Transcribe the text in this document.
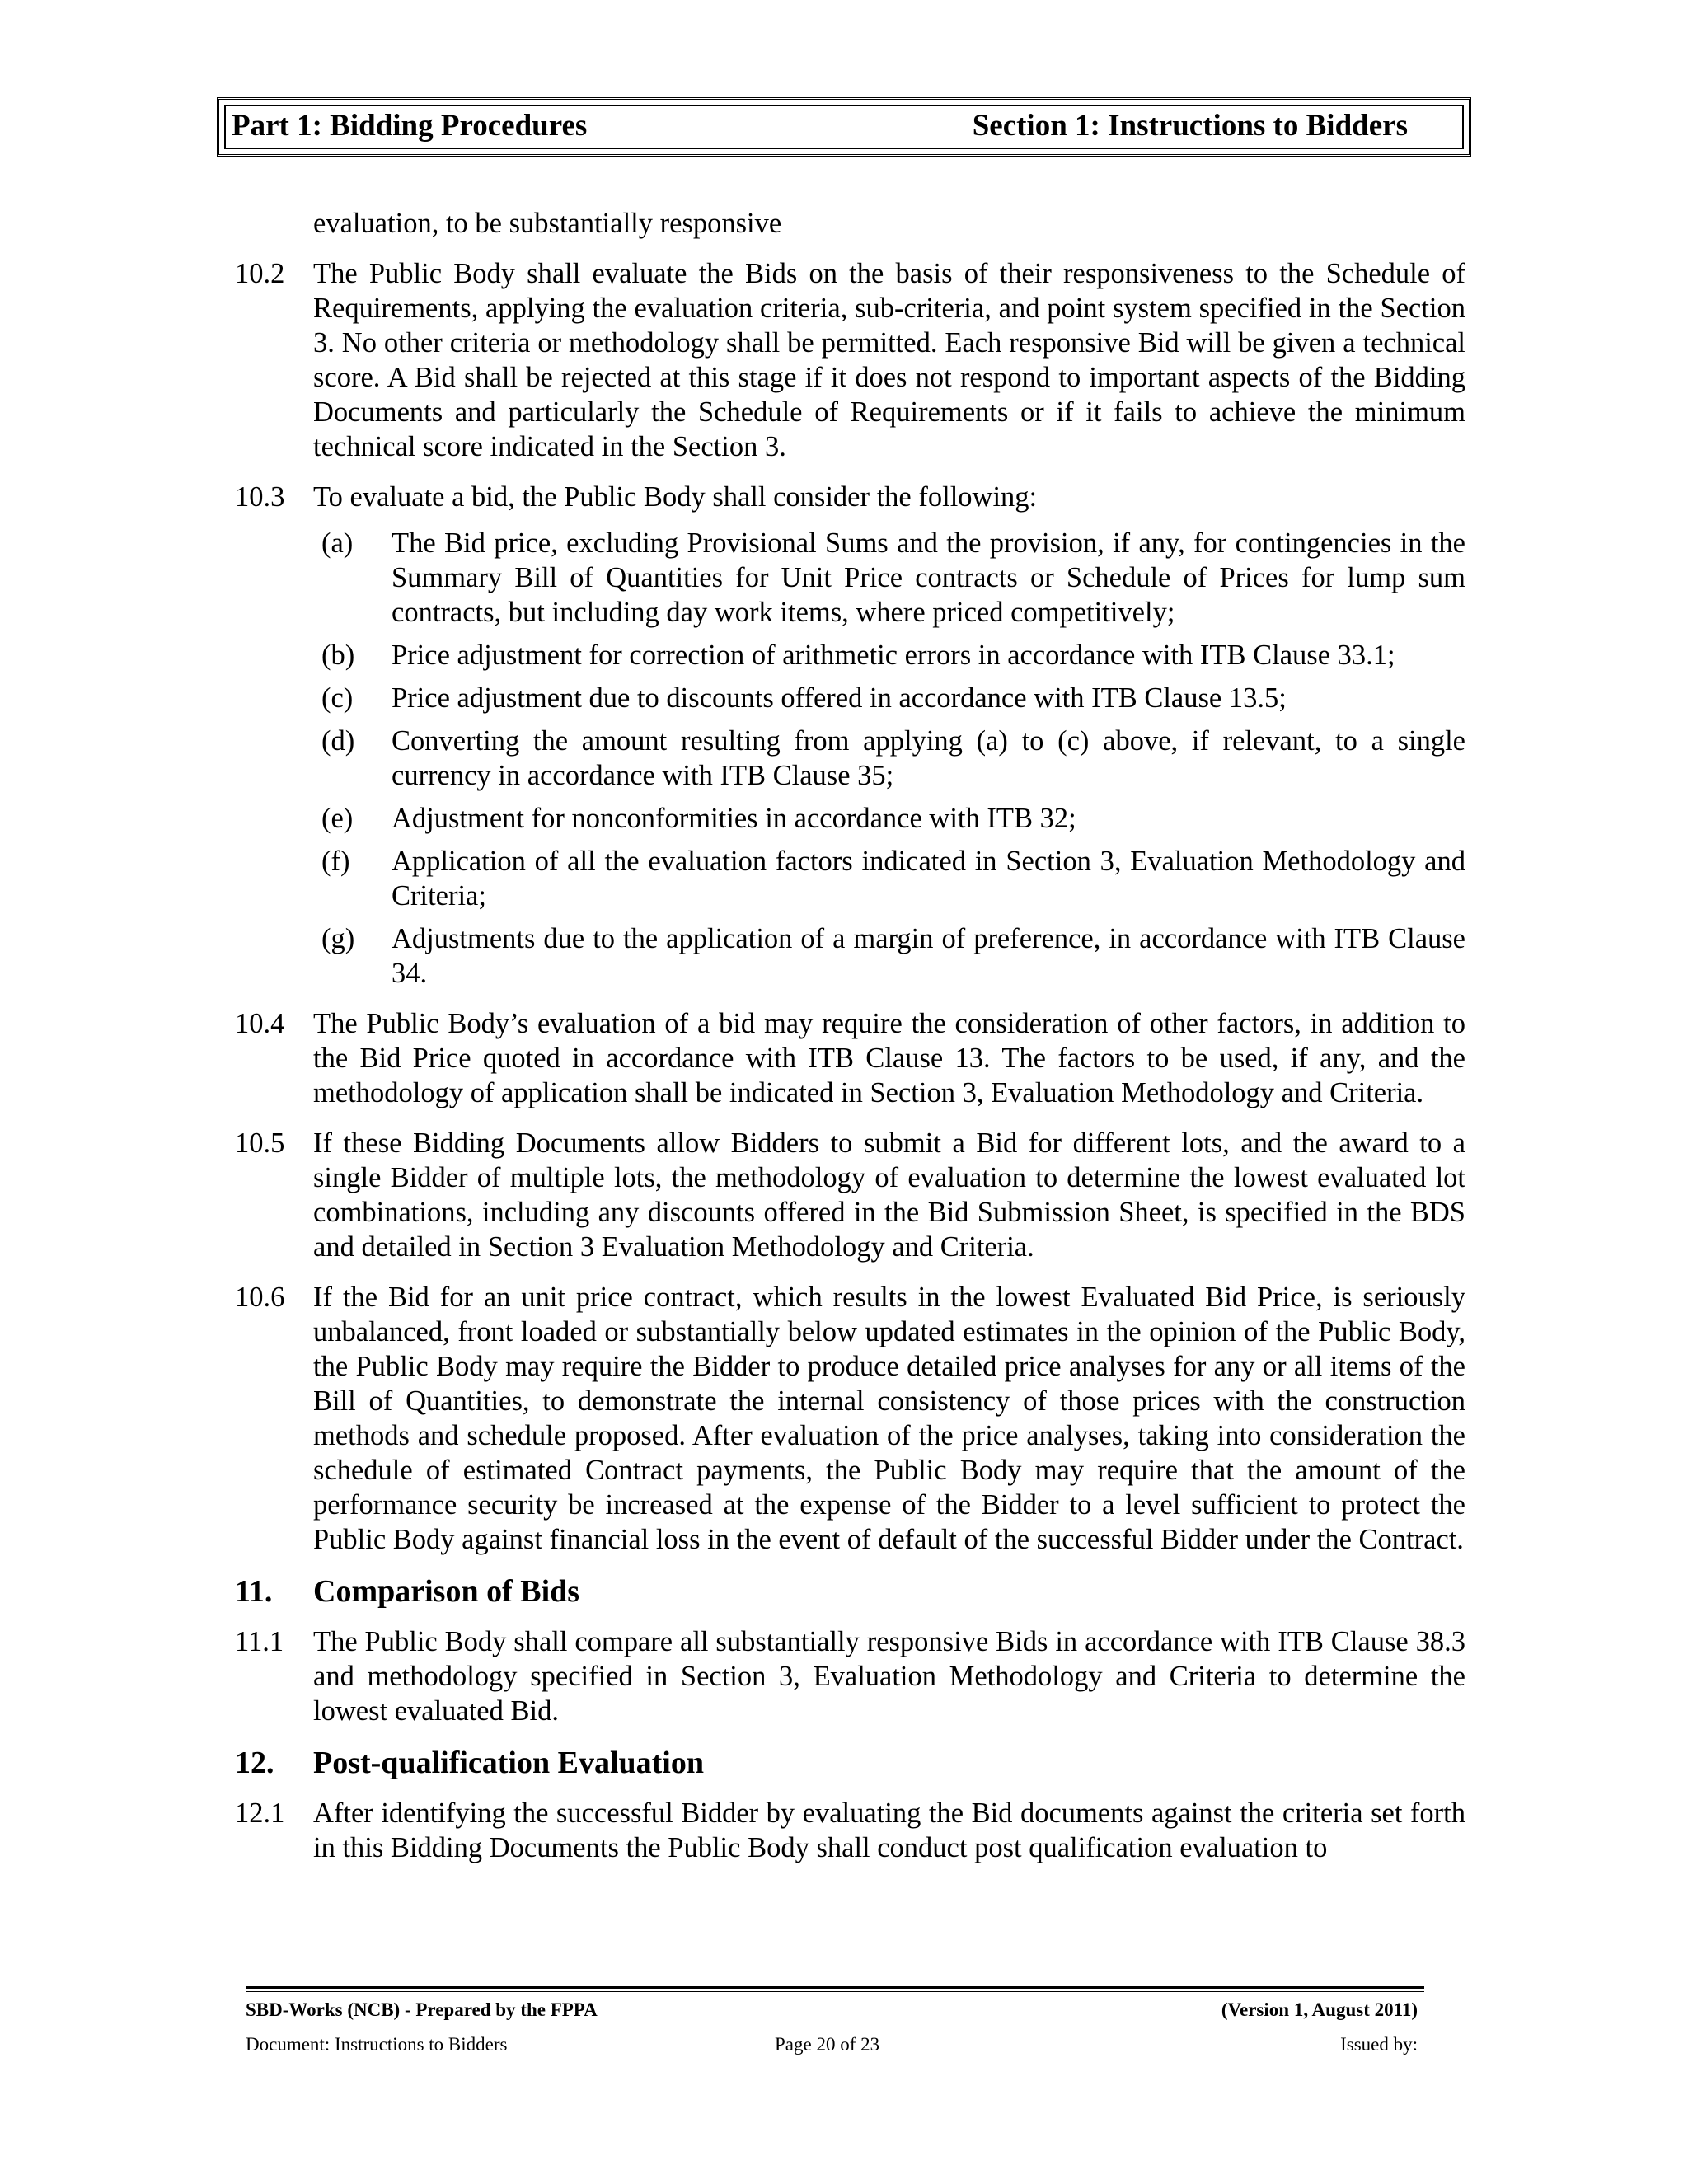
Part 1: Bidding Procedures	Section 1: Instructions to Bidders
evaluation, to be substantially responsive
10.2 The Public Body shall evaluate the Bids on the basis of their responsiveness to the Schedule of Requirements, applying the evaluation criteria, sub-criteria, and point system specified in the Section 3. No other criteria or methodology shall be permitted. Each responsive Bid will be given a technical score. A Bid shall be rejected at this stage if it does not respond to important aspects of the Bidding Documents and particularly the Schedule of Requirements or if it fails to achieve the minimum technical score indicated in the Section 3.
10.3 To evaluate a bid, the Public Body shall consider the following:
(a) The Bid price, excluding Provisional Sums and the provision, if any, for contingencies in the Summary Bill of Quantities for Unit Price contracts or Schedule of Prices for lump sum contracts, but including day work items, where priced competitively;
(b) Price adjustment for correction of arithmetic errors in accordance with ITB Clause 33.1;
(c) Price adjustment due to discounts offered in accordance with ITB Clause 13.5;
(d) Converting the amount resulting from applying (a) to (c) above, if relevant, to a single currency in accordance with ITB Clause 35;
(e) Adjustment for nonconformities in accordance with ITB 32;
(f) Application of all the evaluation factors indicated in Section 3, Evaluation Methodology and Criteria;
(g) Adjustments due to the application of a margin of preference, in accordance with ITB Clause 34.
10.4 The Public Body’s evaluation of a bid may require the consideration of other factors, in addition to the Bid Price quoted in accordance with ITB Clause 13. The factors to be used, if any, and the methodology of application shall be indicated in Section 3, Evaluation Methodology and Criteria.
10.5 If these Bidding Documents allow Bidders to submit a Bid for different lots, and the award to a single Bidder of multiple lots, the methodology of evaluation to determine the lowest evaluated lot combinations, including any discounts offered in the Bid Submission Sheet, is specified in the BDS and detailed in Section 3 Evaluation Methodology and Criteria.
10.6 If the Bid for an unit price contract, which results in the lowest Evaluated Bid Price, is seriously unbalanced, front loaded or substantially below updated estimates in the opinion of the Public Body, the Public Body may require the Bidder to produce detailed price analyses for any or all items of the Bill of Quantities, to demonstrate the internal consistency of those prices with the construction methods and schedule proposed. After evaluation of the price analyses, taking into consideration the schedule of estimated Contract payments, the Public Body may require that the amount of the performance security be increased at the expense of the Bidder to a level sufficient to protect the Public Body against financial loss in the event of default of the successful Bidder under the Contract.
11. Comparison of Bids
11.1 The Public Body shall compare all substantially responsive Bids in accordance with ITB Clause 38.3 and methodology specified in Section 3, Evaluation Methodology and Criteria to determine the lowest evaluated Bid.
12. Post-qualification Evaluation
12.1 After identifying the successful Bidder by evaluating the Bid documents against the criteria set forth in this Bidding Documents the Public Body shall conduct post qualification evaluation to
SBD-Works (NCB) - Prepared by the FPPA	(Version 1, August 2011)
Document: Instructions to Bidders	Page 20 of 23	Issued by:
